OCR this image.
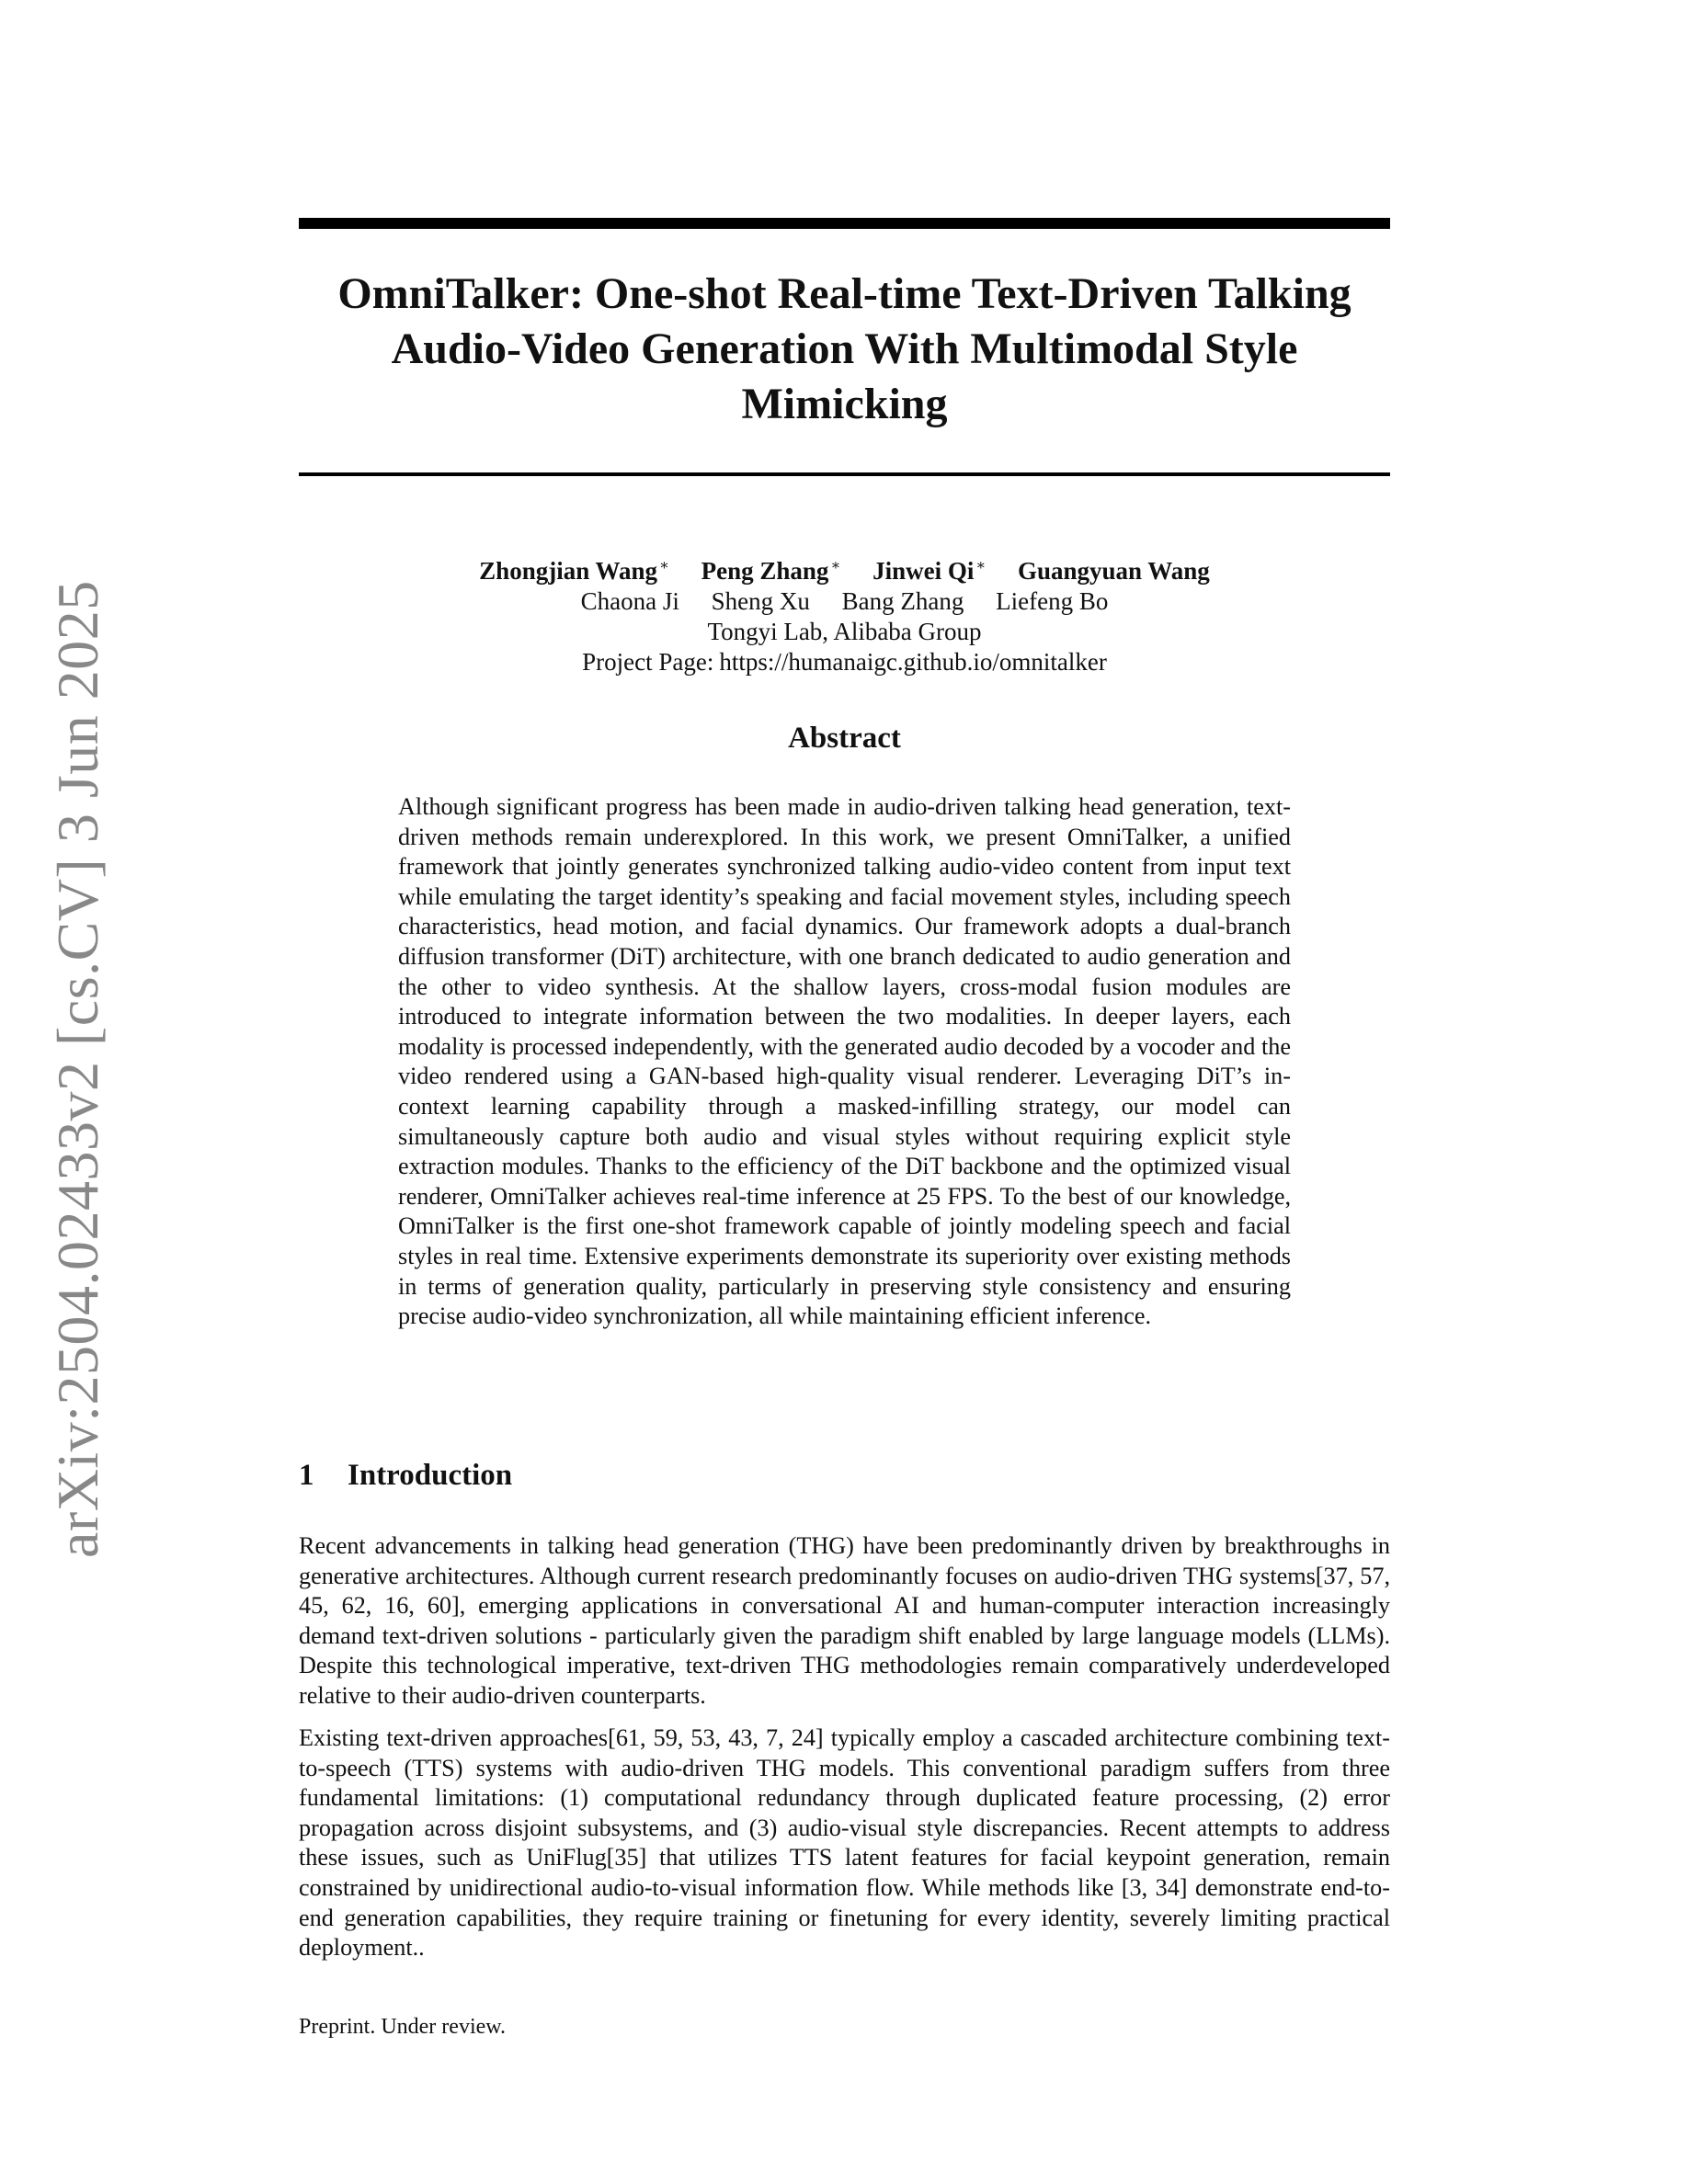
arXiv:2504.02433v2 [cs.CV] 3 Jun 2025
OmniTalker: One-shot Real-time Text-Driven Talking Audio-Video Generation With Multimodal Style Mimicking
Zhongjian Wang ∗ Peng Zhang ∗ Jinwei Qi ∗ Guangyuan Wang
Chaona Ji Sheng Xu Bang Zhang Liefeng Bo
Tongyi Lab, Alibaba Group
Project Page: https://humanaigc.github.io/omnitalker
Abstract
Although significant progress has been made in audio-driven talking head generation, text-driven methods remain underexplored. In this work, we present OmniTalker, a unified framework that jointly generates synchronized talking audio-video content from input text while emulating the target identity’s speaking and facial movement styles, including speech characteristics, head motion, and facial dynamics. Our framework adopts a dual-branch diffusion transformer (DiT) architecture, with one branch dedicated to audio generation and the other to video synthesis. At the shallow layers, cross-modal fusion modules are introduced to integrate information between the two modalities. In deeper layers, each modality is processed independently, with the generated audio decoded by a vocoder and the video rendered using a GAN-based high-quality visual renderer. Leveraging DiT’s in-context learning capability through a masked-infilling strategy, our model can simultaneously capture both audio and visual styles without requiring explicit style extraction modules. Thanks to the efficiency of the DiT backbone and the optimized visual renderer, OmniTalker achieves real-time inference at 25 FPS. To the best of our knowledge, OmniTalker is the first one-shot framework capable of jointly modeling speech and facial styles in real time. Extensive experiments demonstrate its superiority over existing methods in terms of generation quality, particularly in preserving style consistency and ensuring precise audio-video synchronization, all while maintaining efficient inference.
1 Introduction
Recent advancements in talking head generation (THG) have been predominantly driven by breakthroughs in generative architectures. Although current research predominantly focuses on audio-driven THG systems[37, 57, 45, 62, 16, 60], emerging applications in conversational AI and human-computer interaction increasingly demand text-driven solutions - particularly given the paradigm shift enabled by large language models (LLMs). Despite this technological imperative, text-driven THG methodologies remain comparatively underdeveloped relative to their audio-driven counterparts.
Existing text-driven approaches[61, 59, 53, 43, 7, 24] typically employ a cascaded architecture combining text-to-speech (TTS) systems with audio-driven THG models. This conventional paradigm suffers from three fundamental limitations: (1) computational redundancy through duplicated feature processing, (2) error propagation across disjoint subsystems, and (3) audio-visual style discrepancies. Recent attempts to address these issues, such as UniFlug[35] that utilizes TTS latent features for facial keypoint generation, remain constrained by unidirectional audio-to-visual information flow. While methods like [3, 34] demonstrate end-to-end generation capabilities, they require training or finetuning for every identity, severely limiting practical deployment..
Preprint. Under review.
